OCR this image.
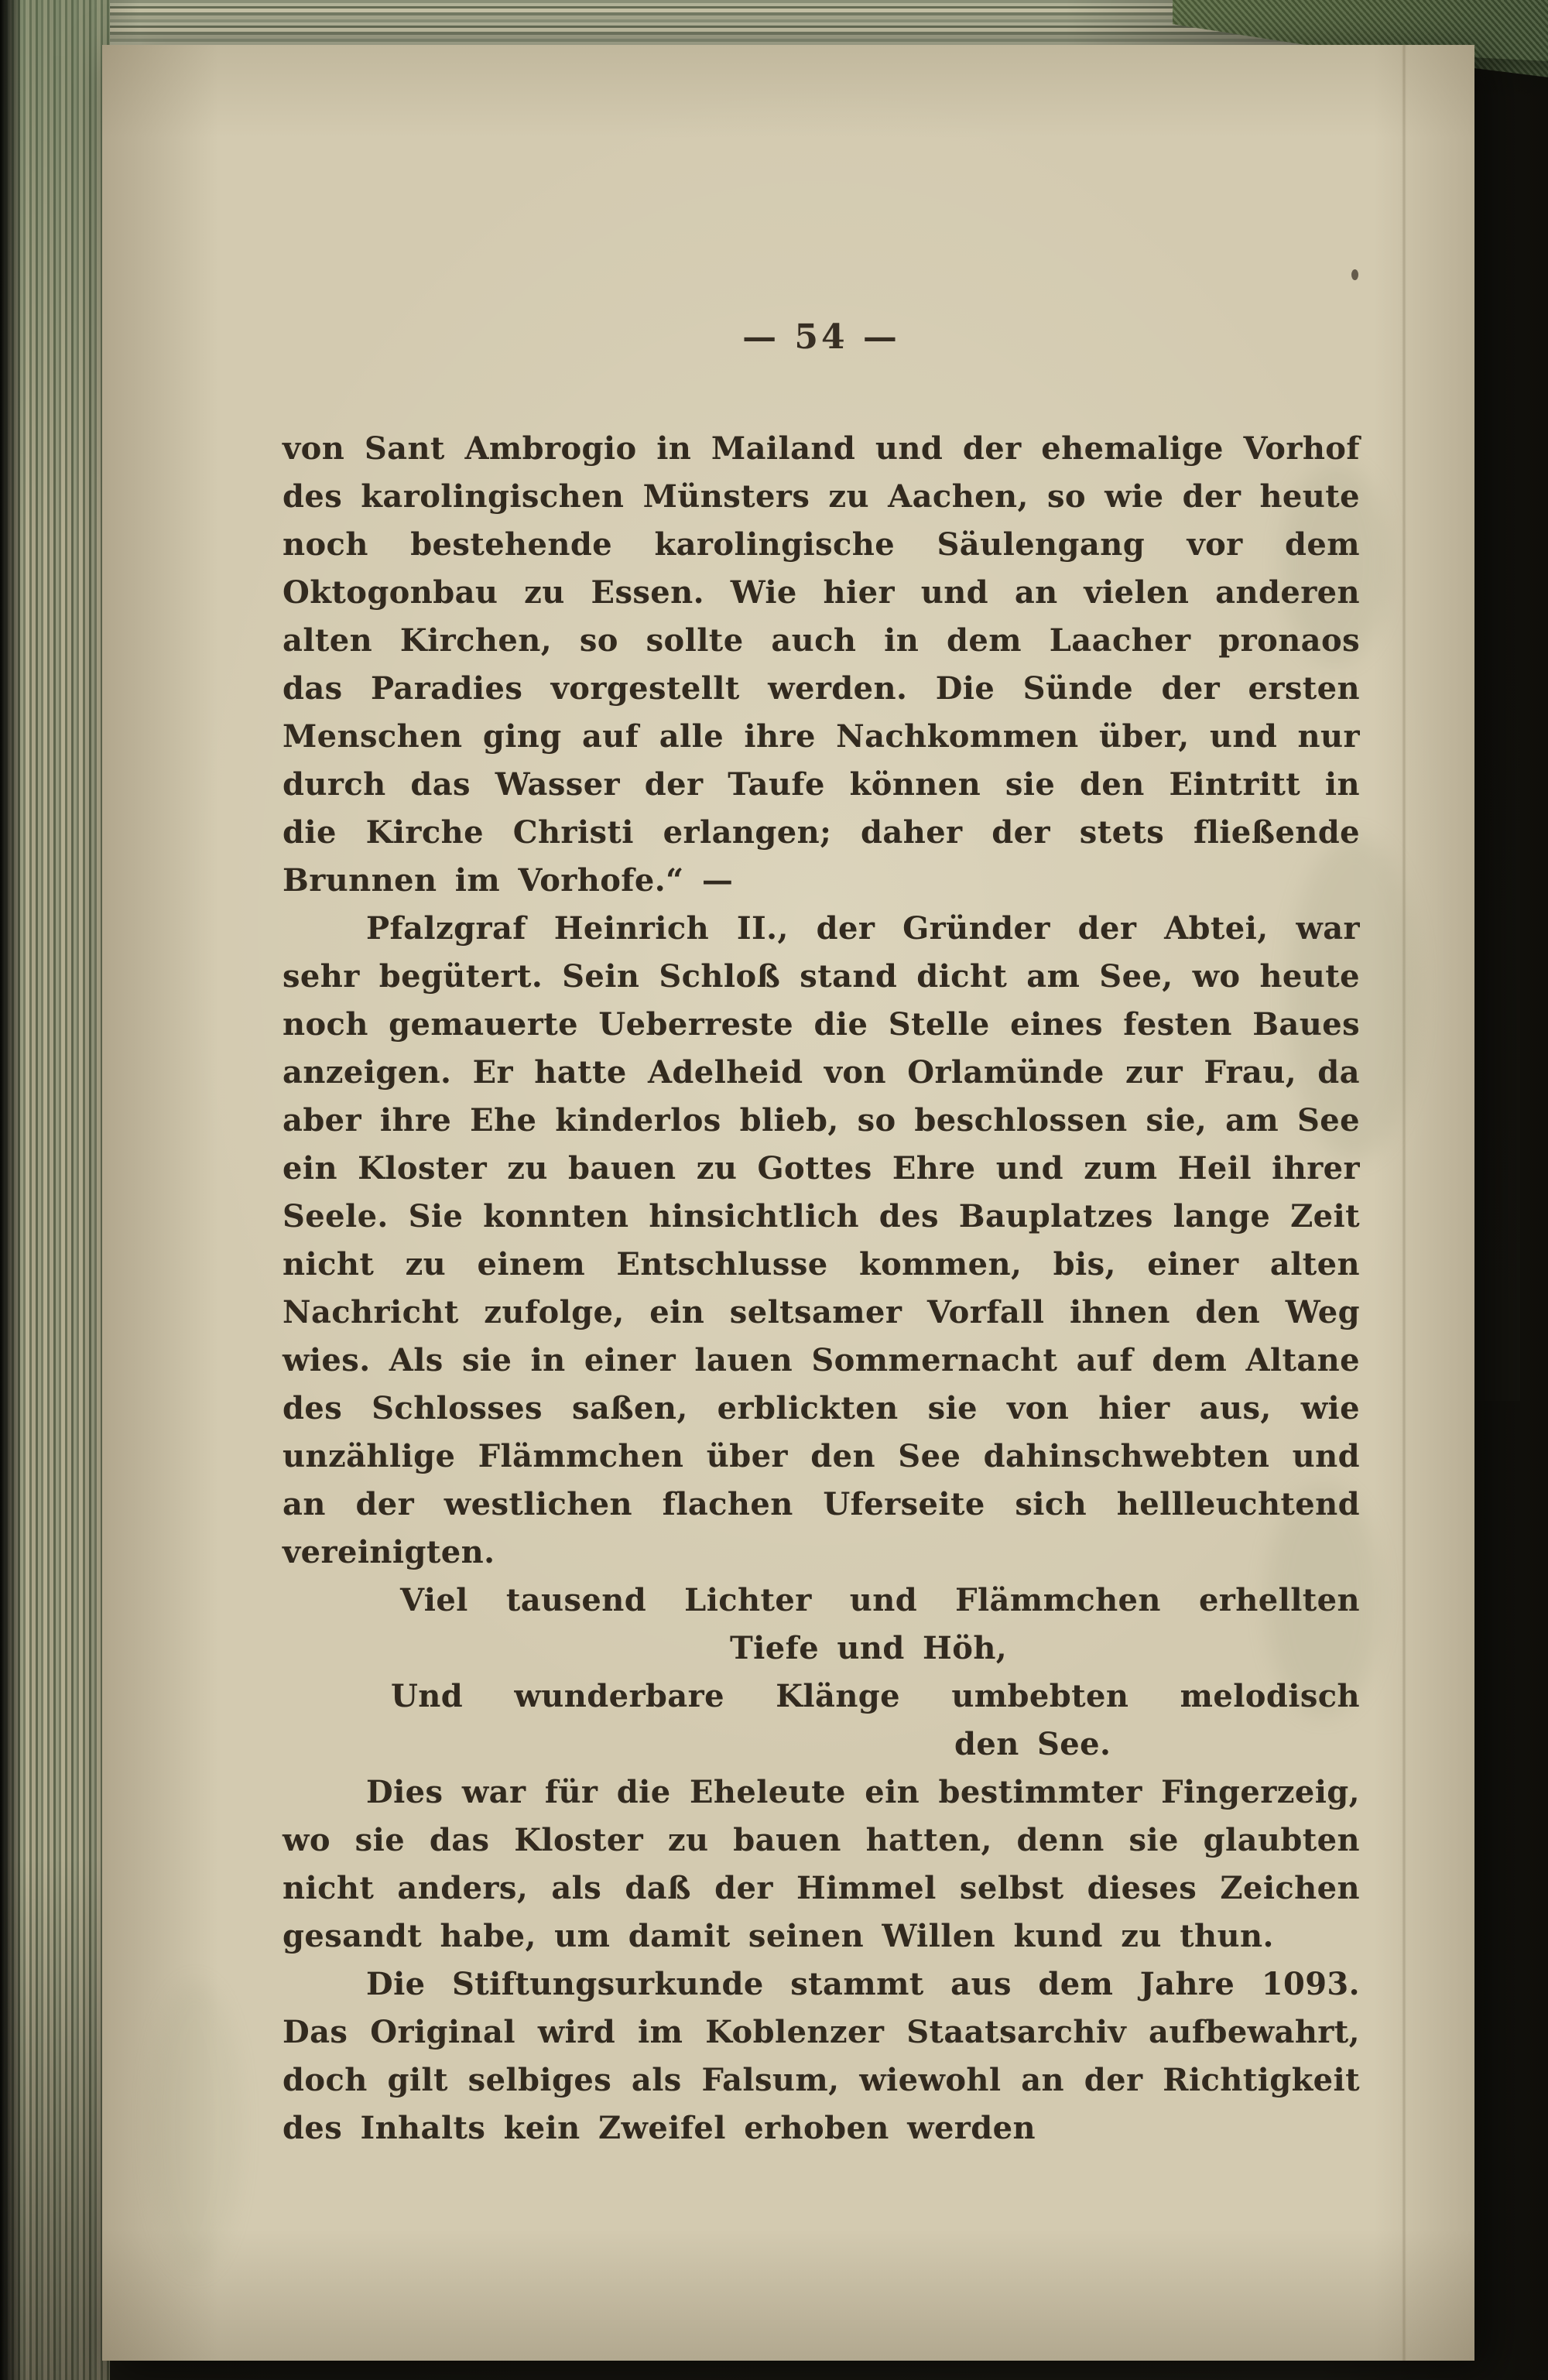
— 54 —

von Sant Ambrogio in Mailand und der ehemalige Vorhof des karolingischen Münsters zu Aachen, so wie der heute noch bestehende karolingische Säulengang vor dem Oktogonbau zu Essen. Wie hier und an vielen anderen alten Kirchen, so sollte auch in dem Laacher pronaos das Paradies vorgestellt werden. Die Sünde der ersten Menschen ging auf alle ihre Nachkommen über, und nur durch das Wasser der Taufe können sie den Eintritt in die Kirche Christi erlangen; daher der stets fließende Brunnen im Vorhofe.“ —

Pfalzgraf Heinrich II., der Gründer der Abtei, war sehr begütert. Sein Schloß stand dicht am See, wo heute noch gemauerte Ueberreste die Stelle eines festen Baues anzeigen. Er hatte Adelheid von Orlamünde zur Frau, da aber ihre Ehe kinderlos blieb, so beschlossen sie, am See ein Kloster zu bauen zu Gottes Ehre und zum Heil ihrer Seele. Sie konnten hinsichtlich des Bauplatzes lange Zeit nicht zu einem Entschlusse kommen, bis, einer alten Nachricht zufolge, ein seltsamer Vorfall ihnen den Weg wies. Als sie in einer lauen Sommernacht auf dem Altane des Schlosses saßen, erblickten sie von hier aus, wie unzählige Flämmchen über den See dahinschwebten und an der westlichen flachen Uferseite sich hellleuchtend vereinigten.

Viel tausend Lichter und Flämmchen erhellten
Tiefe und Höh,
Und wunderbare Klänge umbebten melodisch
den See.

Dies war für die Eheleute ein bestimmter Fingerzeig, wo sie das Kloster zu bauen hatten, denn sie glaubten nicht anders, als daß der Himmel selbst dieses Zeichen gesandt habe, um damit seinen Willen kund zu thun.

Die Stiftungsurkunde stammt aus dem Jahre 1093. Das Original wird im Koblenzer Staatsarchiv aufbewahrt, doch gilt selbiges als Falsum, wiewohl an der Richtigkeit des Inhalts kein Zweifel erhoben werden
